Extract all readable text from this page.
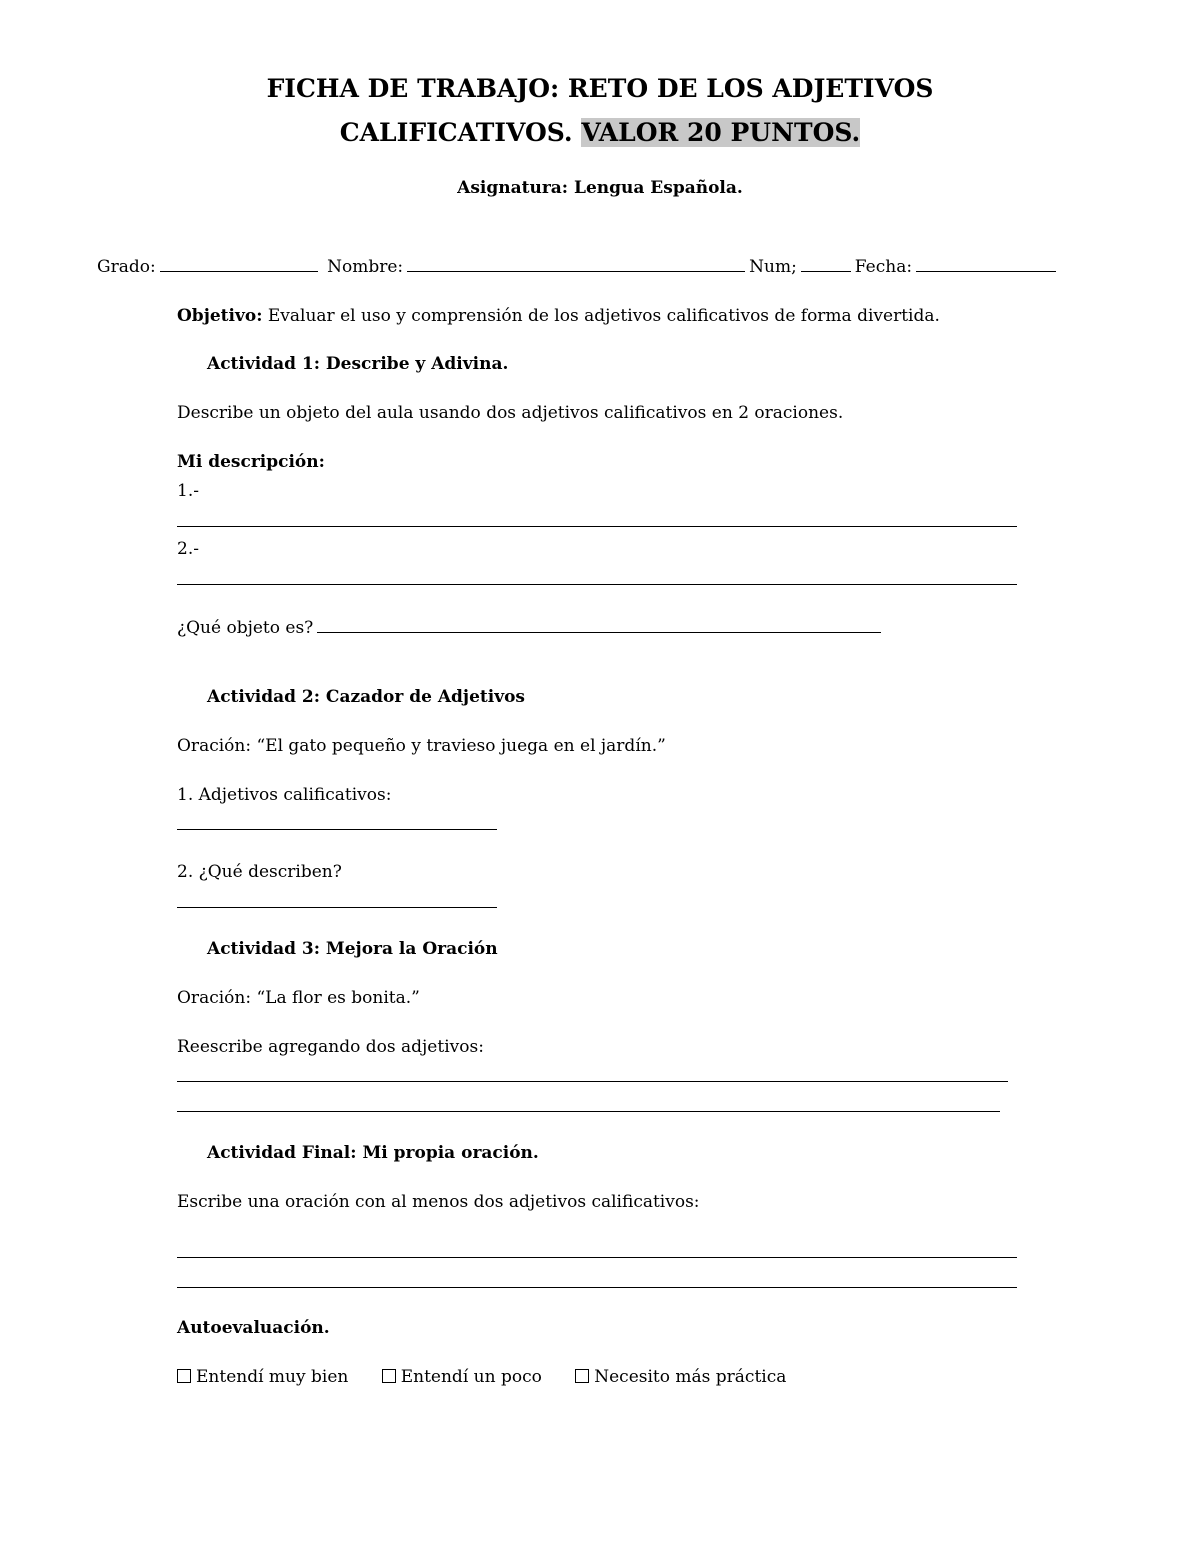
FICHA DE TRABAJO: RETO DE LOS ADJETIVOS
CALIFICATIVOS. VALOR 20 PUNTOS.
Asignatura: Lengua Española.
Grado:	Nombre:	Num;	Fecha:
Objetivo: Evaluar el uso y comprensión de los adjetivos calificativos de forma divertida.
Actividad 1: Describe y Adivina.
Describe un objeto del aula usando dos adjetivos calificativos en 2 oraciones.
Mi descripción:
1.-
2.-
¿Qué objeto es?
Actividad 2: Cazador de Adjetivos
Oración: “El gato pequeño y travieso juega en el jardín.”
1. Adjetivos calificativos:
2. ¿Qué describen?
Actividad 3: Mejora la Oración
Oración: “La flor es bonita.”
Reescribe agregando dos adjetivos:
Actividad Final: Mi propia oración.
Escribe una oración con al menos dos adjetivos calificativos:
Autoevaluación.
Entendí muy bien	Entendí un poco	Necesito más práctica
